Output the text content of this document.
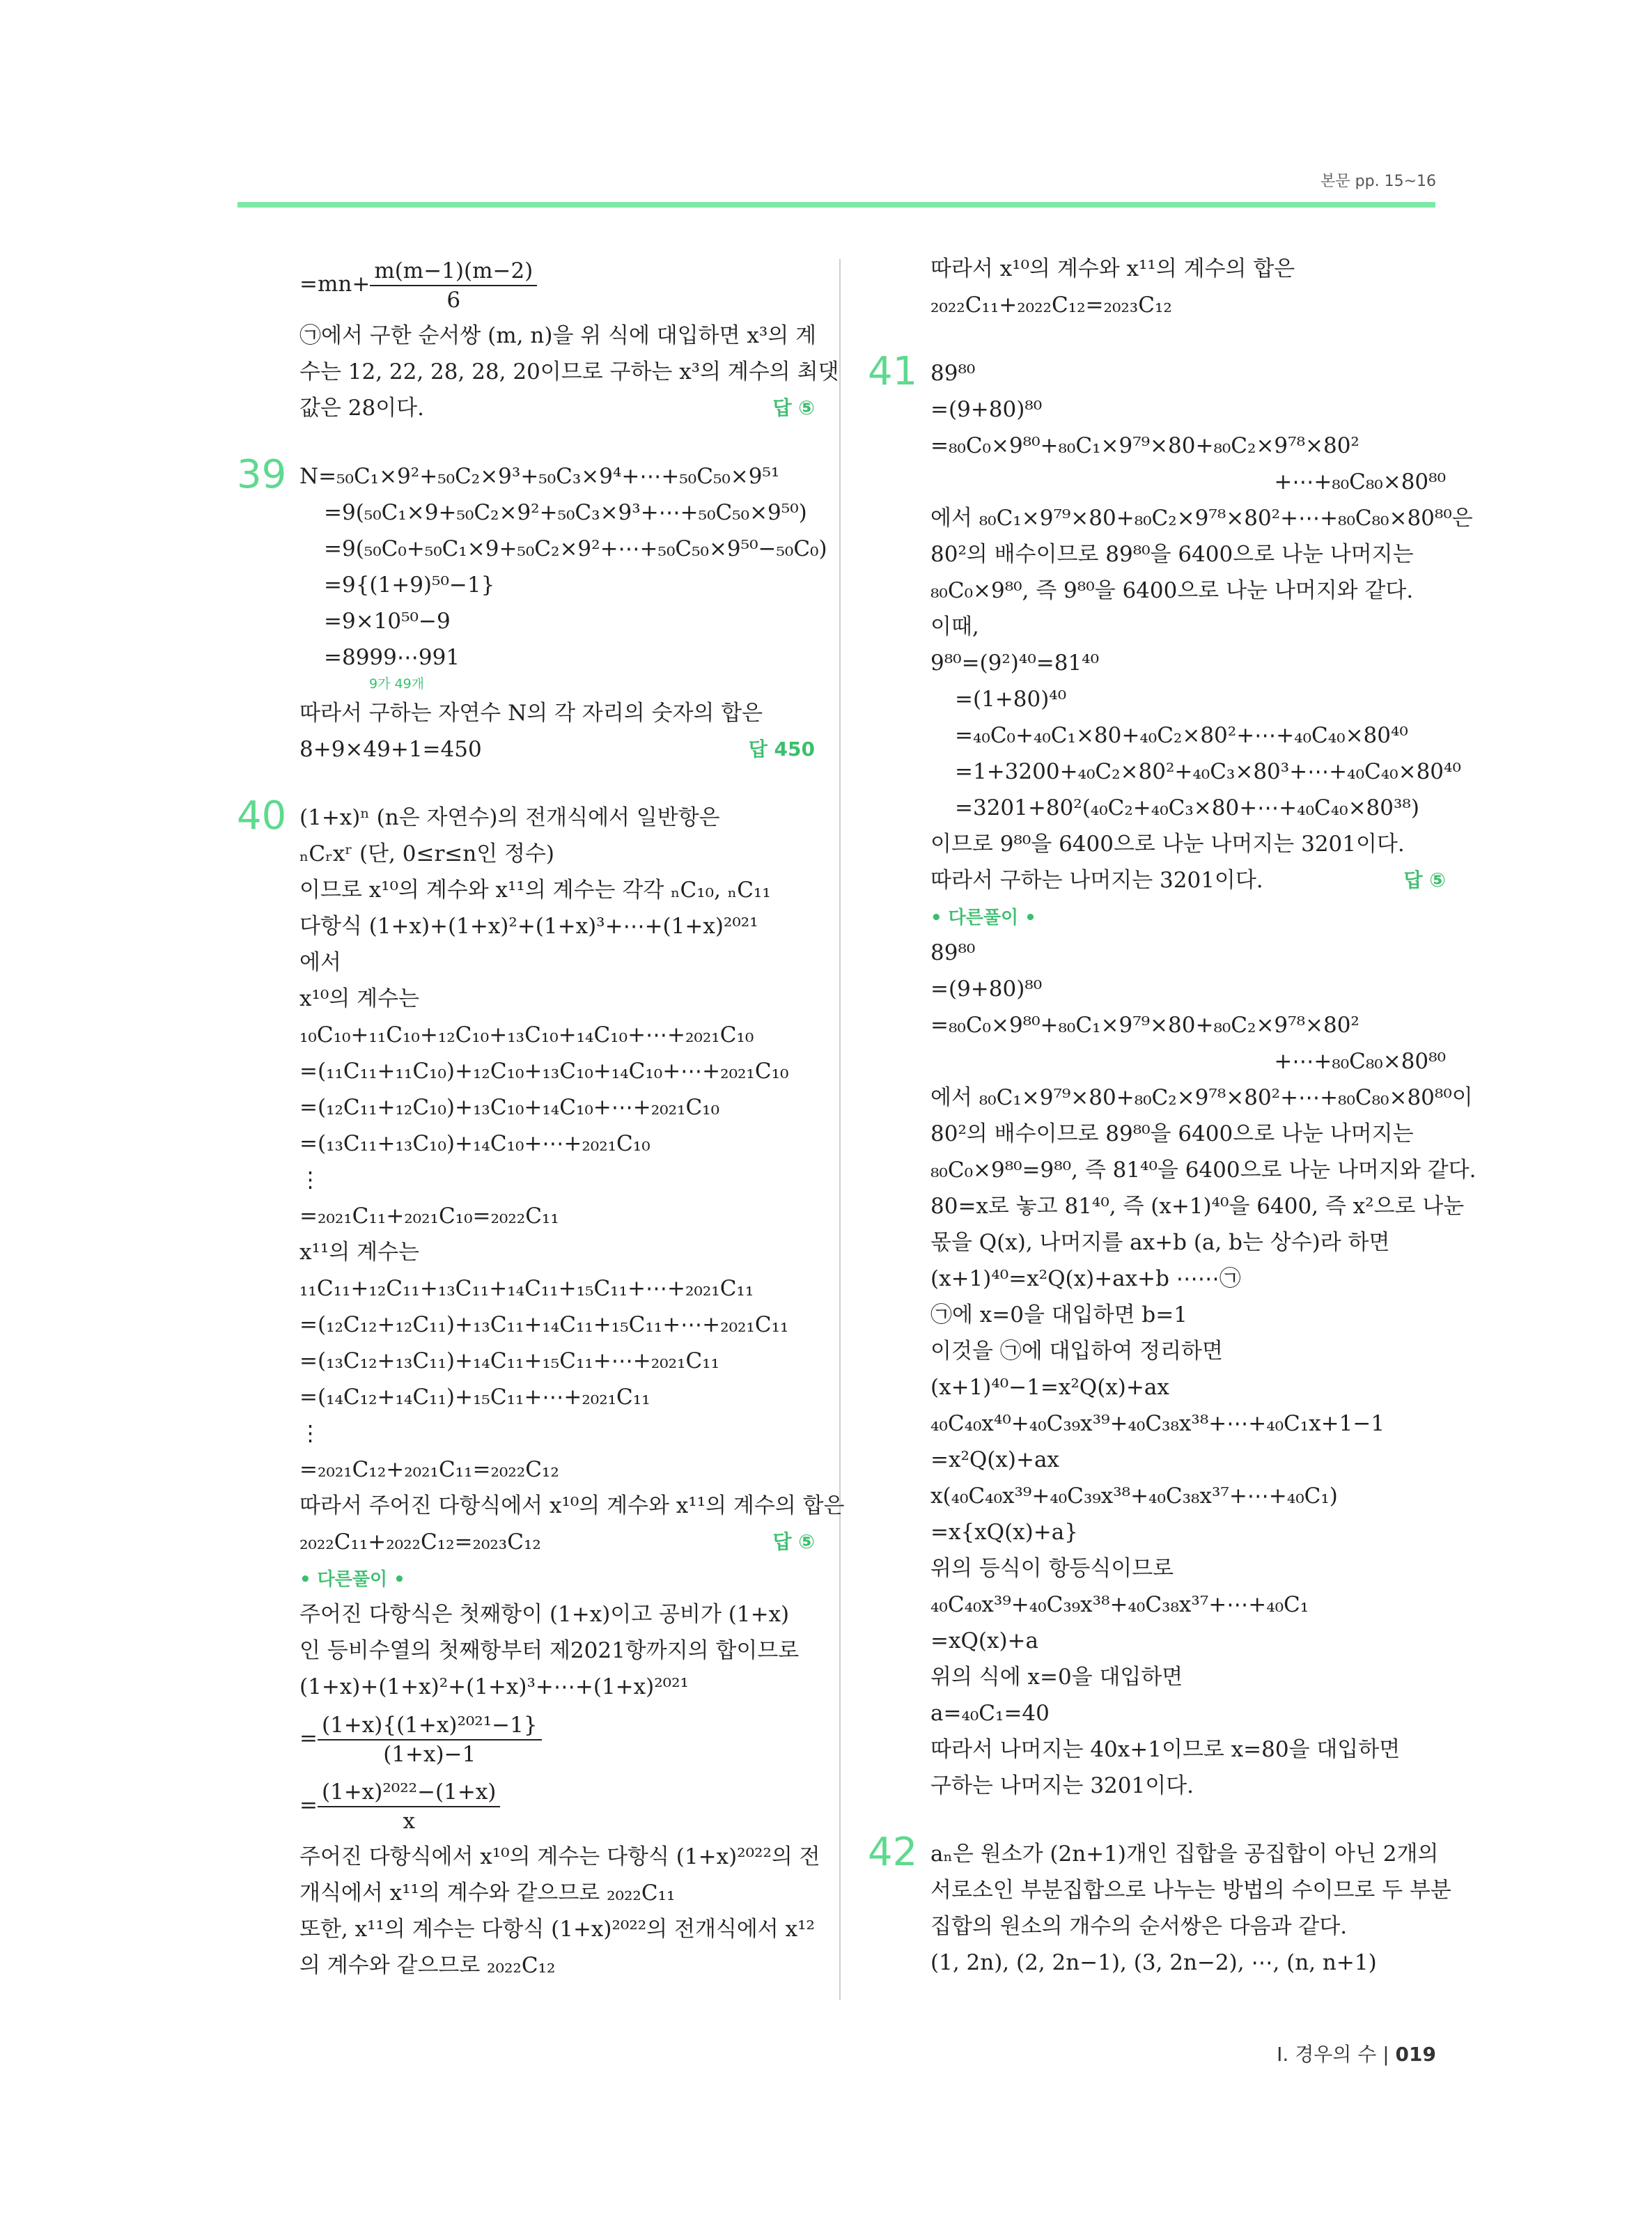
본문 pp. 15~16
$=mn+ \frac{m(m-1)(m-2)}{6}$
㉠에서 구한 순서쌍 (m, n)을 위 식에 대입하면 x³의 계
수는 12, 22, 28, 28, 20이므로 구하는 x³의 계수의 최댓
값은 28이다.	답 ⑤
39 N=₅₀C₁×9²+₅₀C₂×9³+₅₀C₃×9⁴+⋯+₅₀C₅₀×9⁵¹
=9(₅₀C₁×9+₅₀C₂×9²+₅₀C₃×9³+⋯+₅₀C₅₀×9⁵⁰)
=9(₅₀C₀+₅₀C₁×9+₅₀C₂×9²+⋯+₅₀C₅₀×9⁵⁰−₅₀C₀)
=9{(1+9)⁵⁰−1}
=9×10⁵⁰−9
=8999⋯991
9가 49개
따라서 구하는 자연수 N의 각 자리의 숫자의 합은
8+9×49+1=450	답 450
40 (1+x)ⁿ (n은 자연수)의 전개식에서 일반항은
ₙCᵣxʳ (단, 0≤r≤n인 정수)
이므로 x¹⁰의 계수와 x¹¹의 계수는 각각 ₙC₁₀, ₙC₁₁
다항식 (1+x)+(1+x)²+(1+x)³+⋯+(1+x)²⁰²¹
에서
x¹⁰의 계수는
₁₀C₁₀+₁₁C₁₀+₁₂C₁₀+₁₃C₁₀+₁₄C₁₀+⋯+₂₀₂₁C₁₀
=(₁₁C₁₁+₁₁C₁₀)+₁₂C₁₀+₁₃C₁₀+₁₄C₁₀+⋯+₂₀₂₁C₁₀
=(₁₂C₁₁+₁₂C₁₀)+₁₃C₁₀+₁₄C₁₀+⋯+₂₀₂₁C₁₀
=(₁₃C₁₁+₁₃C₁₀)+₁₄C₁₀+⋯+₂₀₂₁C₁₀
⋮
=₂₀₂₁C₁₁+₂₀₂₁C₁₀=₂₀₂₂C₁₁
x¹¹의 계수는
₁₁C₁₁+₁₂C₁₁+₁₃C₁₁+₁₄C₁₁+₁₅C₁₁+⋯+₂₀₂₁C₁₁
=(₁₂C₁₂+₁₂C₁₁)+₁₃C₁₁+₁₄C₁₁+₁₅C₁₁+⋯+₂₀₂₁C₁₁
=(₁₃C₁₂+₁₃C₁₁)+₁₄C₁₁+₁₅C₁₁+⋯+₂₀₂₁C₁₁
=(₁₄C₁₂+₁₄C₁₁)+₁₅C₁₁+⋯+₂₀₂₁C₁₁
⋮
=₂₀₂₁C₁₂+₂₀₂₁C₁₁=₂₀₂₂C₁₂
따라서 주어진 다항식에서 x¹⁰의 계수와 x¹¹의 계수의 합은
₂₀₂₂C₁₁+₂₀₂₂C₁₂=₂₀₂₃C₁₂	답 ⑤
• 다른풀이 •
주어진 다항식은 첫째항이 (1+x)이고 공비가 (1+x)
인 등비수열의 첫째항부터 제2021항까지의 합이므로
(1+x)+(1+x)²+(1+x)³+⋯+(1+x)²⁰²¹
= $\frac{\text{(1+x)\{(1+x)²⁰²¹−1\}}}{(1+x)-1}$
= $\frac{\text{(1+x)²⁰²²−(1+x)}}{x}$
주어진 다항식에서 x¹⁰의 계수는 다항식 (1+x)²⁰²²의 전
개식에서 x¹¹의 계수와 같으므로 ₂₀₂₂C₁₁
또한, x¹¹의 계수는 다항식 (1+x)²⁰²²의 전개식에서 x¹²
의 계수와 같으므로 ₂₀₂₂C₁₂
따라서 x¹⁰의 계수와 x¹¹의 계수의 합은
₂₀₂₂C₁₁+₂₀₂₂C₁₂=₂₀₂₃C₁₂
41 89⁸⁰
=(9+80)⁸⁰
=₈₀C₀×9⁸⁰+₈₀C₁×9⁷⁹×80+₈₀C₂×9⁷⁸×80²
+⋯+₈₀C₈₀×80⁸⁰
에서 ₈₀C₁×9⁷⁹×80+₈₀C₂×9⁷⁸×80²+⋯+₈₀C₈₀×80⁸⁰은
80²의 배수이므로 89⁸⁰을 6400으로 나눈 나머지는
₈₀C₀×9⁸⁰, 즉 9⁸⁰을 6400으로 나눈 나머지와 같다.
이때,
9⁸⁰=(9²)⁴⁰=81⁴⁰
=(1+80)⁴⁰
=₄₀C₀+₄₀C₁×80+₄₀C₂×80²+⋯+₄₀C₄₀×80⁴⁰
=1+3200+₄₀C₂×80²+₄₀C₃×80³+⋯+₄₀C₄₀×80⁴⁰
=3201+80²(₄₀C₂+₄₀C₃×80+⋯+₄₀C₄₀×80³⁸)
이므로 9⁸⁰을 6400으로 나눈 나머지는 3201이다.
따라서 구하는 나머지는 3201이다.	답 ⑤
• 다른풀이 •
89⁸⁰
=(9+80)⁸⁰
=₈₀C₀×9⁸⁰+₈₀C₁×9⁷⁹×80+₈₀C₂×9⁷⁸×80²
+⋯+₈₀C₈₀×80⁸⁰
에서 ₈₀C₁×9⁷⁹×80+₈₀C₂×9⁷⁸×80²+⋯+₈₀C₈₀×80⁸⁰이
80²의 배수이므로 89⁸⁰을 6400으로 나눈 나머지는
₈₀C₀×9⁸⁰=9⁸⁰, 즉 81⁴⁰을 6400으로 나눈 나머지와 같다.
80=x로 놓고 81⁴⁰, 즉 (x+1)⁴⁰을 6400, 즉 x²으로 나눈
몫을 Q(x), 나머지를 ax+b (a, b는 상수)라 하면
(x+1)⁴⁰=x²Q(x)+ax+b ⋯⋯㉠
㉠에 x=0을 대입하면 b=1
이것을 ㉠에 대입하여 정리하면
(x+1)⁴⁰−1=x²Q(x)+ax
₄₀C₄₀x⁴⁰+₄₀C₃₉x³⁹+₄₀C₃₈x³⁸+⋯+₄₀C₁x+1−1
=x²Q(x)+ax
x(₄₀C₄₀x³⁹+₄₀C₃₉x³⁸+₄₀C₃₈x³⁷+⋯+₄₀C₁)
=x{xQ(x)+a}
위의 등식이 항등식이므로
₄₀C₄₀x³⁹+₄₀C₃₉x³⁸+₄₀C₃₈x³⁷+⋯+₄₀C₁
=xQ(x)+a
위의 식에 x=0을 대입하면
a=₄₀C₁=40
따라서 나머지는 40x+1이므로 x=80을 대입하면
구하는 나머지는 3201이다.
42 aₙ은 원소가 (2n+1)개인 집합을 공집합이 아닌 2개의
서로소인 부분집합으로 나누는 방법의 수이므로 두 부분
집합의 원소의 개수의 순서쌍은 다음과 같다.
(1, 2n), (2, 2n−1), (3, 2n−2), ⋯, (n, n+1)
Ⅰ. 경우의 수 | 019
